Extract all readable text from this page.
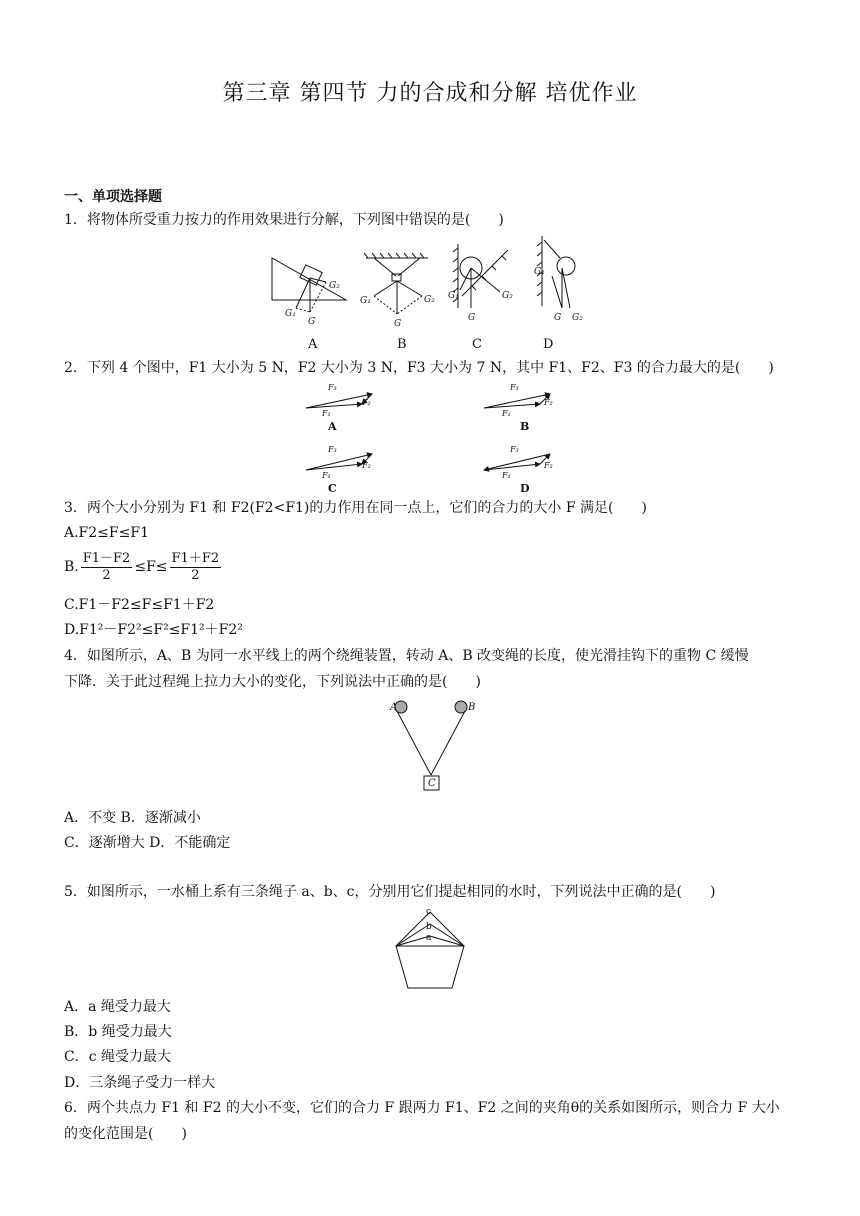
第三章 第四节 力的合成和分解 培优作业
一、单项选择题
1．将物体所受重力按力的作用效果进行分解，下列图中错误的是(　　)
G₂
G₁
G
G₁	G₂
G
G₁	G₂
G
G₁
G G₂
A	B	C	D
2．下列 4 个图中，F1 大小为 5 N，F2 大小为 3 N，F3 大小为 7 N，其中 F1、F2、F3 的合力最大的是(　　)
F₃
F₂
F₁
F₃
F₂
F₁
F₃
F₂
F₁
F₃
F₂
F₁
A	B
C	D
3．两个大小分别为 F1 和 F2(F2<F1)的力作用在同一点上，它们的合力的大小 F 满足(　　)
A.F2≤F≤F1
B. $\frac{F1-F2}{2} \le F\le \frac{F1+F2}{2}$
C.F1－F2≤F≤F1＋F2
D.F1²－F2²≤F²≤F1²＋F2²
4．如图所示，A、B 为同一水平线上的两个绕绳装置，转动 A、B 改变绳的长度，使光滑挂钩下的重物 C 缓慢
下降．关于此过程绳上拉力大小的变化，下列说法中正确的是(　　)
A	B
C
A．不变 B．逐渐减小
C．逐渐增大 D．不能确定
5．如图所示，一水桶上系有三条绳子 a、b、c，分别用它们提起相同的水时，下列说法中正确的是(　　)
c
b
a
A．a 绳受力最大
B．b 绳受力最大
C．c 绳受力最大
D．三条绳子受力一样大
6．两个共点力 F1 和 F2 的大小不变，它们的合力 F 跟两力 F1、F2 之间的夹角θ的关系如图所示，则合力 F 大小
的变化范围是(　　)
